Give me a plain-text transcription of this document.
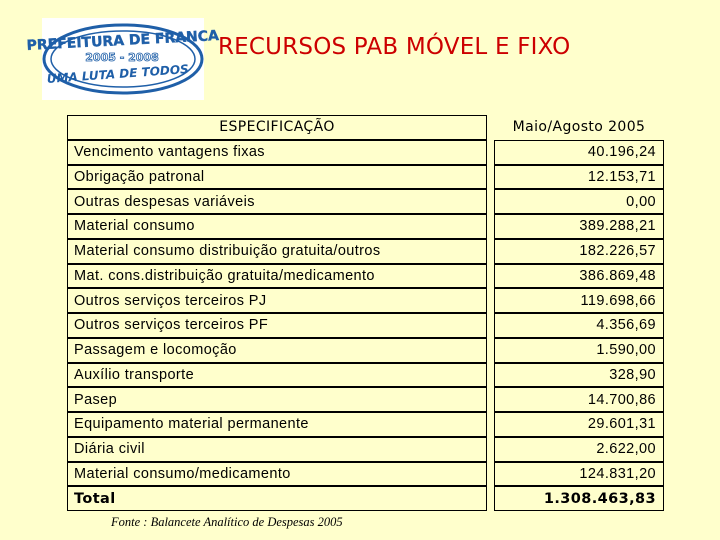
PREFEITURA DE FRANCA
2005 - 2008
UMA LUTA DE TODOS
RECURSOS PAB MÓVEL E FIXO
ESPECIFICAÇÃO	Maio/Agosto 2005
Vencimento vantagens fixas	40.196,24
Obrigação patronal	12.153,71
Outras despesas variáveis	0,00
Material consumo	389.288,21
Material consumo distribuição gratuita/outros	182.226,57
Mat. cons.distribuição gratuita/medicamento	386.869,48
Outros serviços terceiros PJ	119.698,66
Outros serviços terceiros PF	4.356,69
Passagem e locomoção	1.590,00
Auxílio transporte	328,90
Pasep	14.700,86
Equipamento material permanente	29.601,31
Diária civil	2.622,00
Material consumo/medicamento	124.831,20
Total	1.308.463,83
Fonte : Balancete Analítico de Despesas 2005
